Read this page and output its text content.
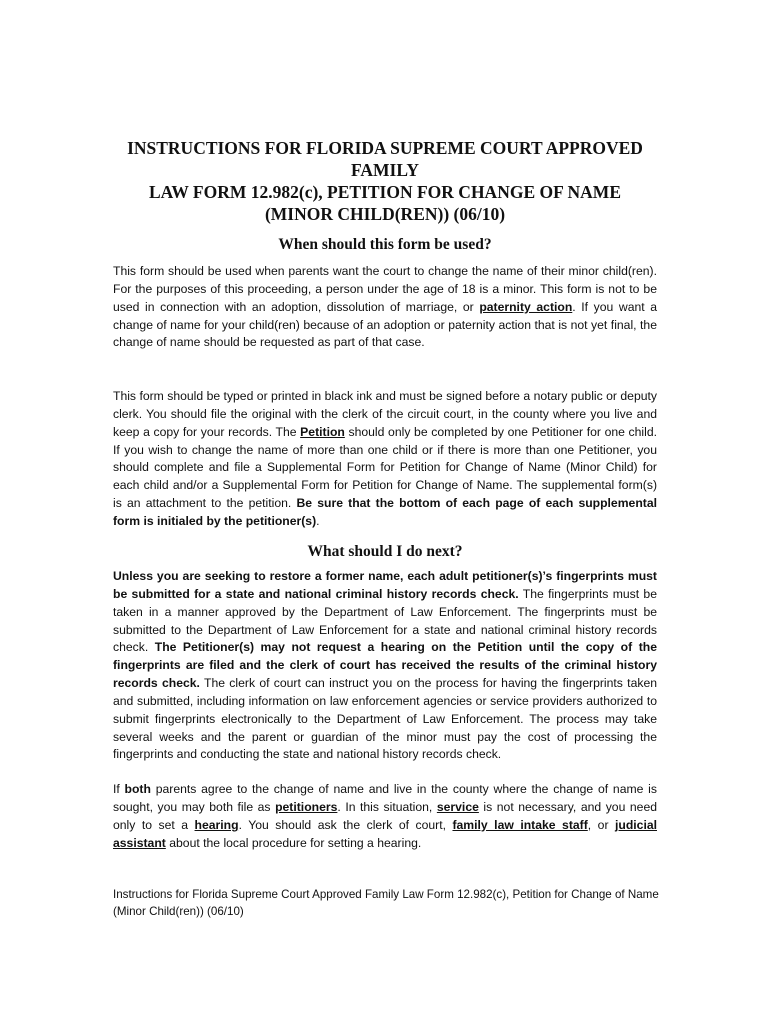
INSTRUCTIONS FOR FLORIDA SUPREME COURT APPROVED FAMILY
LAW FORM 12.982(c), PETITION FOR CHANGE OF NAME
(MINOR CHILD(REN)) (06/10)
When should this form be used?

This form should be used when parents want the court to change the name of their minor child(ren). For the purposes of this proceeding, a person under the age of 18 is a minor. This form is not to be used in connection with an adoption, dissolution of marriage, or paternity action. If you want a change of name for your child(ren) because of an adoption or paternity action that is not yet final, the change of name should be requested as part of that case.

This form should be typed or printed in black ink and must be signed before a notary public or deputy clerk. You should file the original with the clerk of the circuit court, in the county where you live and keep a copy for your records. The Petition should only be completed by one Petitioner for one child. If you wish to change the name of more than one child or if there is more than one Petitioner, you should complete and file a Supplemental Form for Petition for Change of Name (Minor Child) for each child and/or a Supplemental Form for Petition for Change of Name. The supplemental form(s) is an attachment to the petition. Be sure that the bottom of each page of each supplemental form is initialed by the petitioner(s).

What should I do next?

Unless you are seeking to restore a former name, each adult petitioner(s)’s fingerprints must be submitted for a state and national criminal history records check. The fingerprints must be taken in a manner approved by the Department of Law Enforcement. The fingerprints must be submitted to the Department of Law Enforcement for a state and national criminal history records check. The Petitioner(s) may not request a hearing on the Petition until the copy of the fingerprints are filed and the clerk of court has received the results of the criminal history records check. The clerk of court can instruct you on the process for having the fingerprints taken and submitted, including information on law enforcement agencies or service providers authorized to submit fingerprints electronically to the Department of Law Enforcement. The process may take several weeks and the parent or guardian of the minor must pay the cost of processing the fingerprints and conducting the state and national history records check.

If both parents agree to the change of name and live in the county where the change of name is sought, you may both file as petitioners. In this situation, service is not necessary, and you need only to set a hearing. You should ask the clerk of court, family law intake staff, or judicial assistant about the local procedure for setting a hearing.

Instructions for Florida Supreme Court Approved Family Law Form 12.982(c), Petition for Change of Name
(Minor Child(ren)) (06/10)
